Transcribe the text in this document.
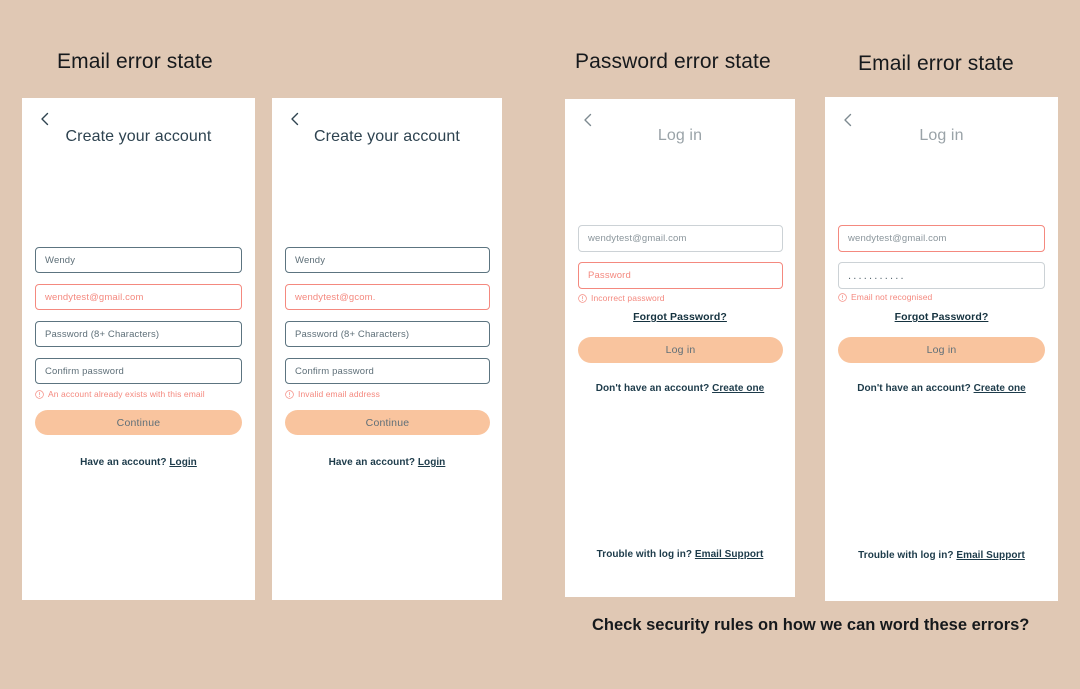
Email error state	Password error state	Email error state
Create your account
Wendy
wendytest@gmail.com
Password (8+ Characters)
Confirm password
An account already exists with this email
Continue
Have an account? Login
Create your account
Wendy
wendytest@gcom.
Password (8+ Characters)
Confirm password
Invalid email address
Continue
Have an account? Login
Log in
wendytest@gmail.com
Password
Incorrect password
Forgot Password?
Log in
Don't have an account? Create one
Trouble with log in? Email Support
Log in
wendytest@gmail.com
...........
Email not recognised
Forgot Password?
Log in
Don't have an account? Create one
Trouble with log in? Email Support
Check security rules on how we can word these errors?
